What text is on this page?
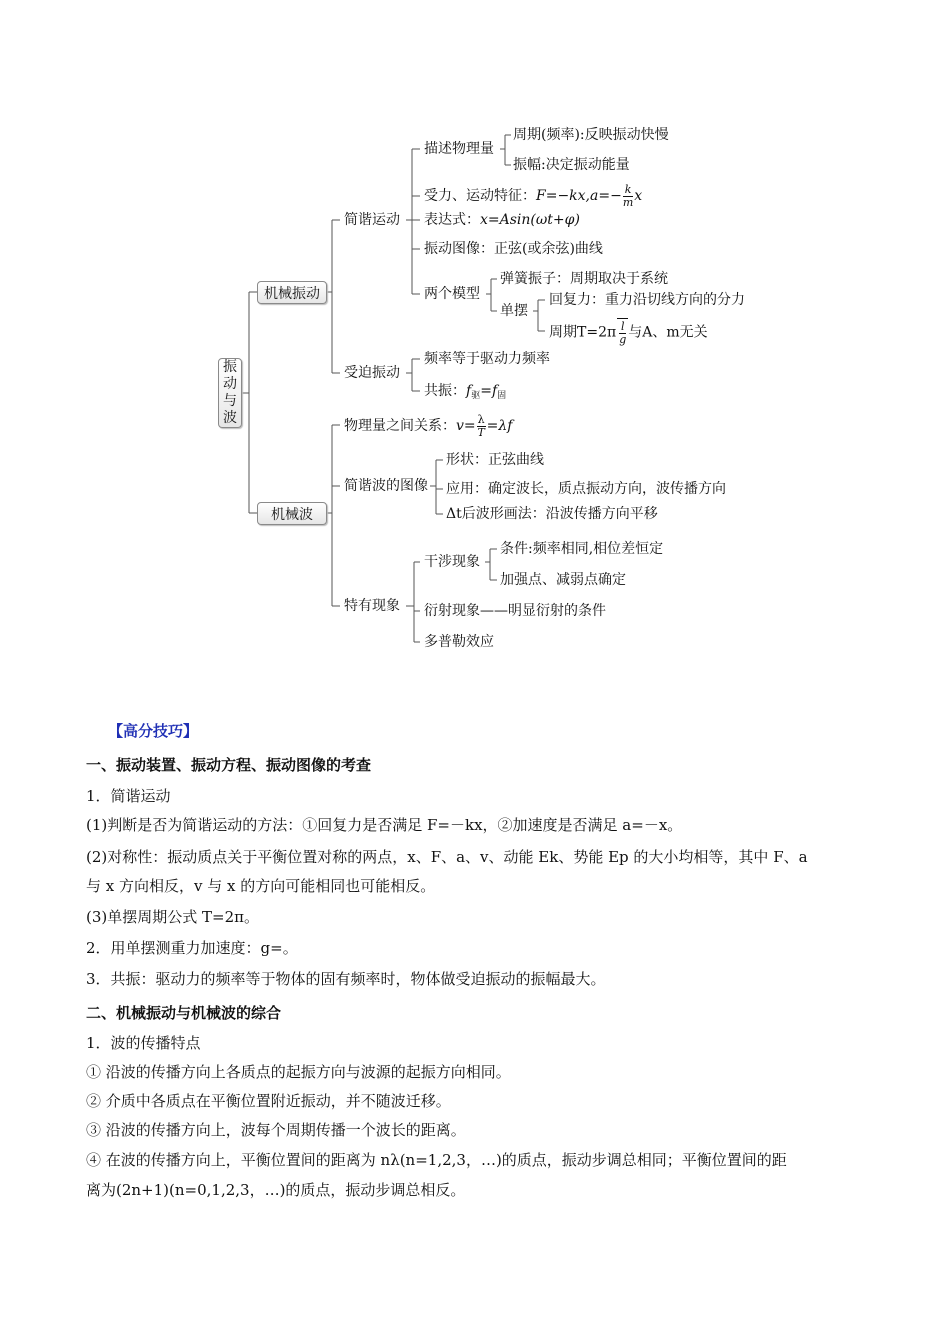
振
动
与
波
机械振动
机械波
简谐运动
描述物理量
周期(频率):反映振动快慢
振幅:决定振动能量
受力、运动特征：$F=-kx,a=- \frac{k}{m}$ x
表达式：x=Asin(ωt+φ)
振动图像：正弦(或余弦)曲线
两个模型
弹簧振子：周期取决于系统
单摆
回复力：重力沿切线方向的分力
周期$T=2\pi \frac{l}{g}$ 与A、m无关
受迫振动
频率等于驱动力频率
共振：$f_驱=f_固$
物理量之间关系：$v= \frac{\lambda}{T} =\lambda f$
简谐波的图像
形状：正弦曲线
应用：确定波长，质点振动方向，波传播方向
Δt后波形画法：沿波传播方向平移
特有现象
干涉现象
条件:频率相同,相位差恒定
加强点、减弱点确定
衍射现象——明显衍射的条件
多普勒效应
【高分技巧】
一、振动装置、振动方程、振动图像的考查
1．简谐运动
(1)判断是否为简谐运动的方法：①回复力是否满足 F=－kx，②加速度是否满足 a=－x。
(2)对称性：振动质点关于平衡位置对称的两点，x、F、a、v、动能 Ek、势能 Ep 的大小均相等，其中 F、a
与 x 方向相反，v 与 x 的方向可能相同也可能相反。
(3)单摆周期公式 T=2π。
2．用单摆测重力加速度：g=。
3．共振：驱动力的频率等于物体的固有频率时，物体做受迫振动的振幅最大。
二、机械振动与机械波的综合
1．波的传播特点
① 沿波的传播方向上各质点的起振方向与波源的起振方向相同。
② 介质中各质点在平衡位置附近振动，并不随波迁移。
③ 沿波的传播方向上，波每个周期传播一个波长的距离。
④ 在波的传播方向上，平衡位置间的距离为 nλ(n=1,2,3，…)的质点，振动步调总相同；平衡位置间的距
离为(2n+1)(n=0,1,2,3，…)的质点，振动步调总相反。
